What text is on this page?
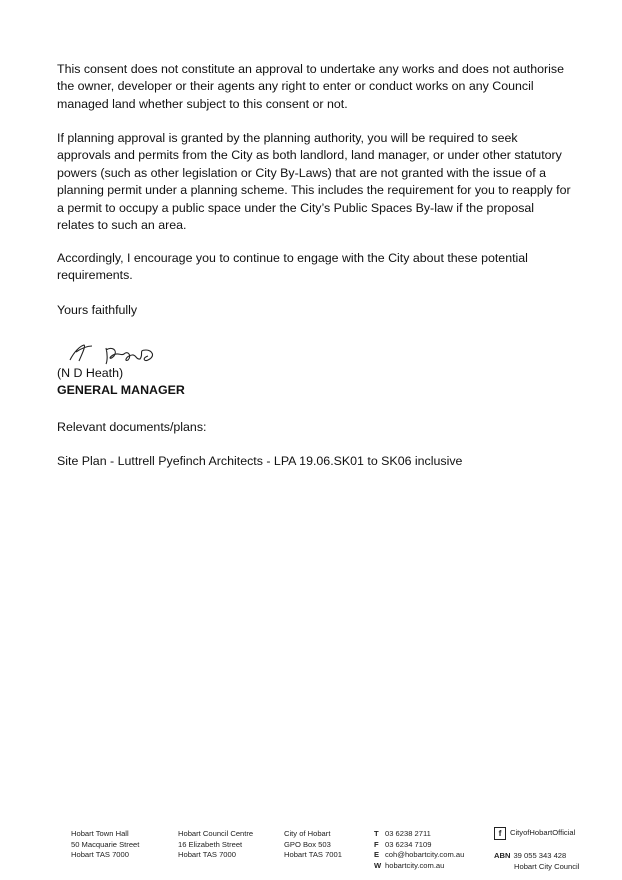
This consent does not constitute an approval to undertake any works and does not authorise the owner, developer or their agents any right to enter or conduct works on any Council managed land whether subject to this consent or not.

If planning approval is granted by the planning authority, you will be required to seek approvals and permits from the City as both landlord, land manager, or under other statutory powers (such as other legislation or City By-Laws) that are not granted with the issue of a planning permit under a planning scheme. This includes the requirement for you to reapply for a permit to occupy a public space under the City’s Public Spaces By-law if the proposal relates to such an area.

Accordingly, I encourage you to continue to engage with the City about these potential requirements.

Yours faithfully

(N D Heath)
GENERAL MANAGER
Relevant documents/plans:
Site Plan - Luttrell Pyefinch Architects - LPA 19.06.SK01 to SK06 inclusive
Hobart Town Hall
50 Macquarie Street
Hobart TAS 7000
Hobart Council Centre
16 Elizabeth Street
Hobart TAS 7000
City of Hobart
GPO Box 503
Hobart TAS 7001
T 03 6238 2711
F 03 6234 7109
E coh@hobartcity.com.au
W hobartcity.com.au
f	CityofHobartOfficial
ABN 39 055 343 428
Hobart City Council
